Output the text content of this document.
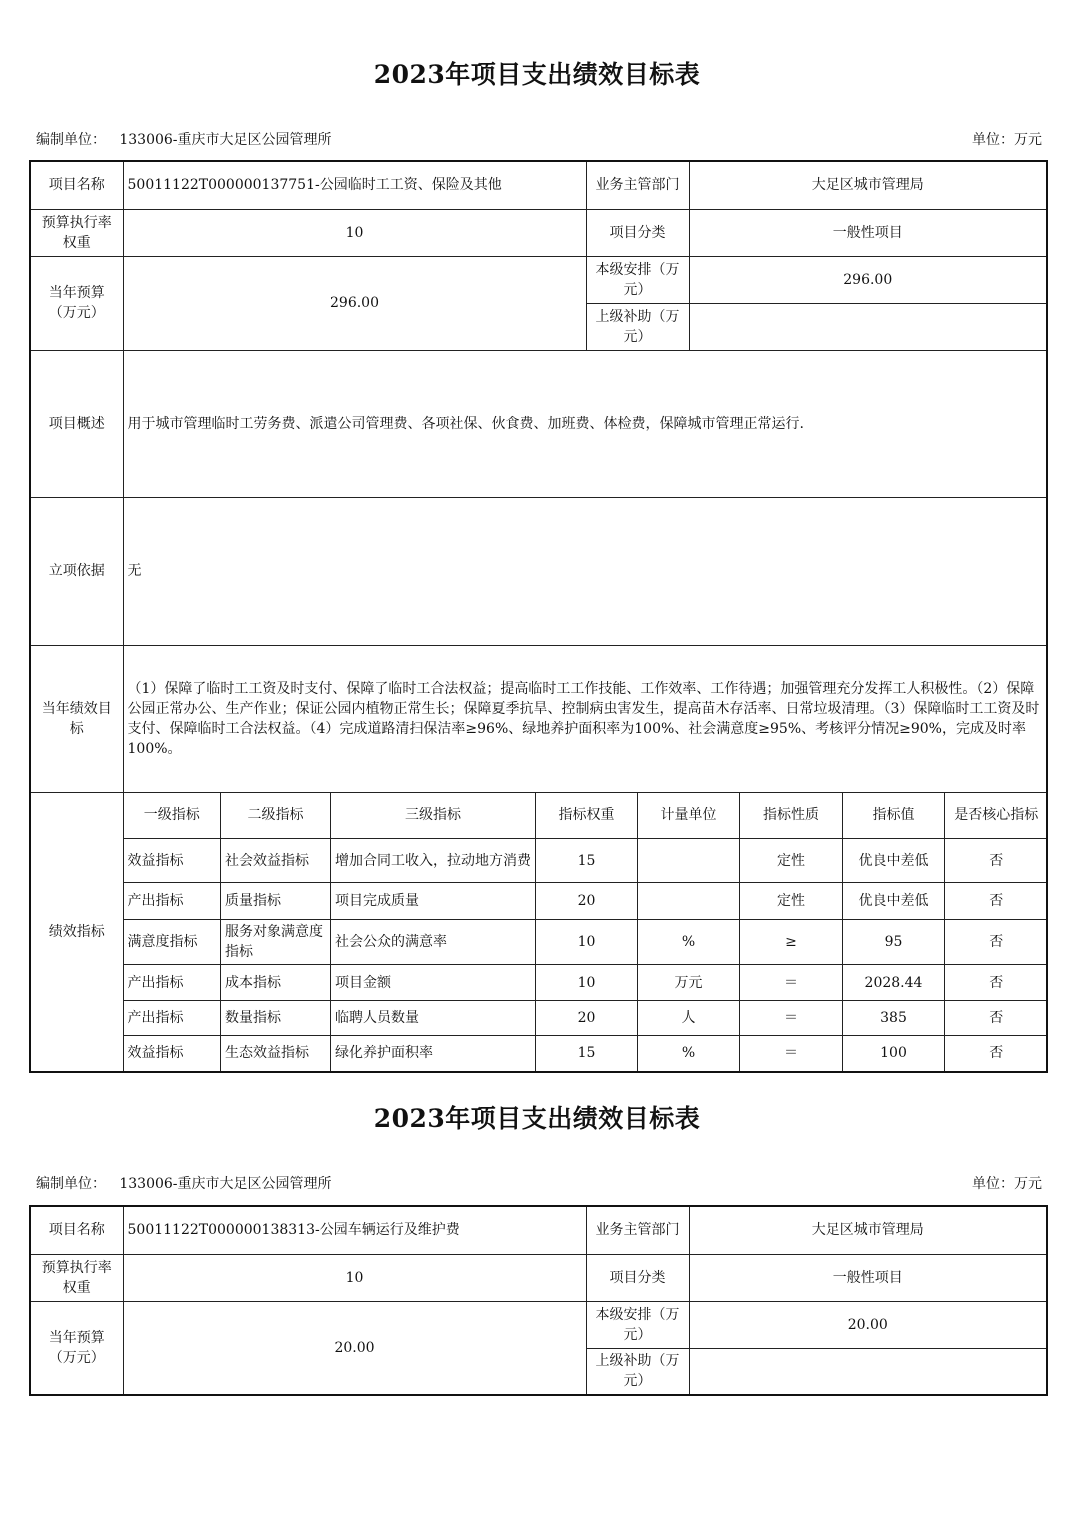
2023年项目支出绩效目标表
编制单位： 133006-重庆市大足区公园管理所	单位：万元
项目名称	50011122T000000137751-公园临时工工资、保险及其他	业务主管部门	大足区城市管理局
预算执行率权重	10	项目分类	一般性项目
当年预算（万元）	296.00	本级安排（万元）	296.00
上级补助（万元）	
项目概述	用于城市管理临时工劳务费、派遣公司管理费、各项社保、伙食费、加班费、体检费，保障城市管理正常运行.
立项依据	无
当年绩效目标	（1）保障了临时工工资及时支付、保障了临时工合法权益；提高临时工工作技能、工作效率、工作待遇；加强管理充分发挥工人积极性。（2）保障公园正常办公、生产作业；保证公园内植物正常生长；保障夏季抗旱、控制病虫害发生，提高苗木存活率、日常垃圾清理。（3）保障临时工工资及时支付、保障临时工合法权益。（4）完成道路清扫保洁率≥96%、绿地养护面积率为100%、社会满意度≥95%、考核评分情况≥90%，完成及时率100%。
绩效指标	
一级指标	二级指标	三级指标	指标权重	计量单位	指标性质	指标值	是否核心指标
效益指标	社会效益指标	增加合同工收入，拉动地方消费	15		定性	优良中差低	否
产出指标	质量指标	项目完成质量	20		定性	优良中差低	否
满意度指标	服务对象满意度指标	社会公众的满意率	10	%	≥	95	否
产出指标	成本指标	项目金额	10	万元	＝	2028.44	否
产出指标	数量指标	临聘人员数量	20	人	＝	385	否
效益指标	生态效益指标	绿化养护面积率	15	%	＝	100	否
2023年项目支出绩效目标表
编制单位： 133006-重庆市大足区公园管理所	单位：万元
项目名称	50011122T000000138313-公园车辆运行及维护费	业务主管部门	大足区城市管理局
预算执行率权重	10	项目分类	一般性项目
当年预算（万元）	20.00	本级安排（万元）	20.00
		上级补助（万元）	
